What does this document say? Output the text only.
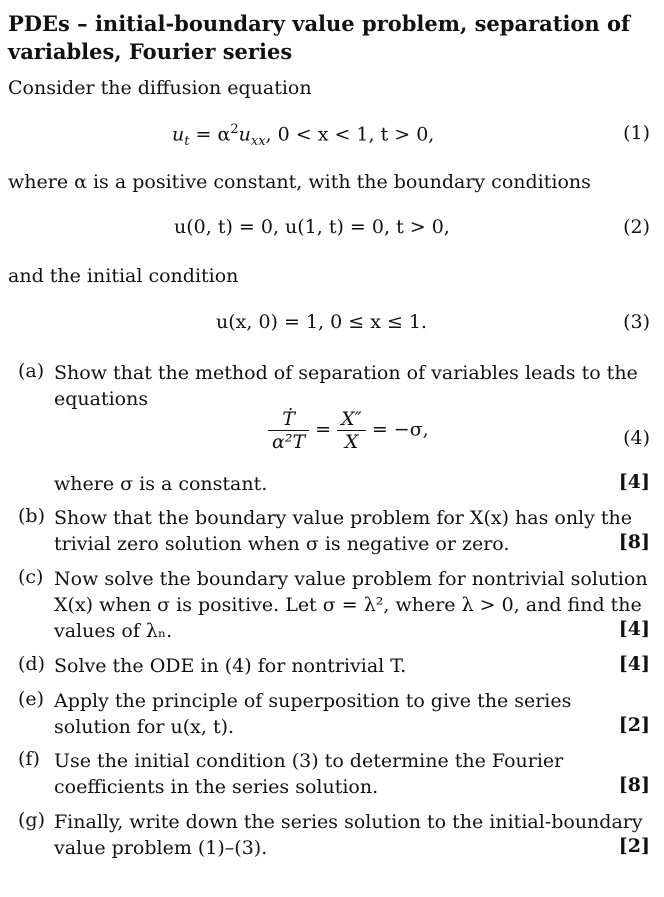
PDEs – initial-boundary value problem, separation of variables, Fourier series
Consider the diffusion equation
$u_t = \alpha^2u_{xx}$, 0 < x < 1, t > 0,	(1)
where α is a positive constant, with the boundary conditions
u(0, t) = 0, u(1, t) = 0, t > 0,	(2)
and the initial condition
u(x, 0) = 1, 0 ≤ x ≤ 1.	(3)
(a) Show that the method of separation of variables leads to the equations
$\frac{\text{Ṫ}}{\text{α²T}} = \frac{X''}{X} = -\sigma$,	(4)
where σ is a constant.	[4]
(b) Show that the boundary value problem for X(x) has only the trivial zero solution when σ is negative or zero.	[8]
(c) Now solve the boundary value problem for nontrivial solution X(x) when σ is positive. Let σ = λ², where λ > 0, and find the values of λₙ.	[4]
(d) Solve the ODE in (4) for nontrivial T.	[4]
(e) Apply the principle of superposition to give the series solution for u(x, t).	[2]
(f) Use the initial condition (3) to determine the Fourier coefficients in the series solution.	[8]
(g) Finally, write down the series solution to the initial-boundary value problem (1)–(3).	[2]
